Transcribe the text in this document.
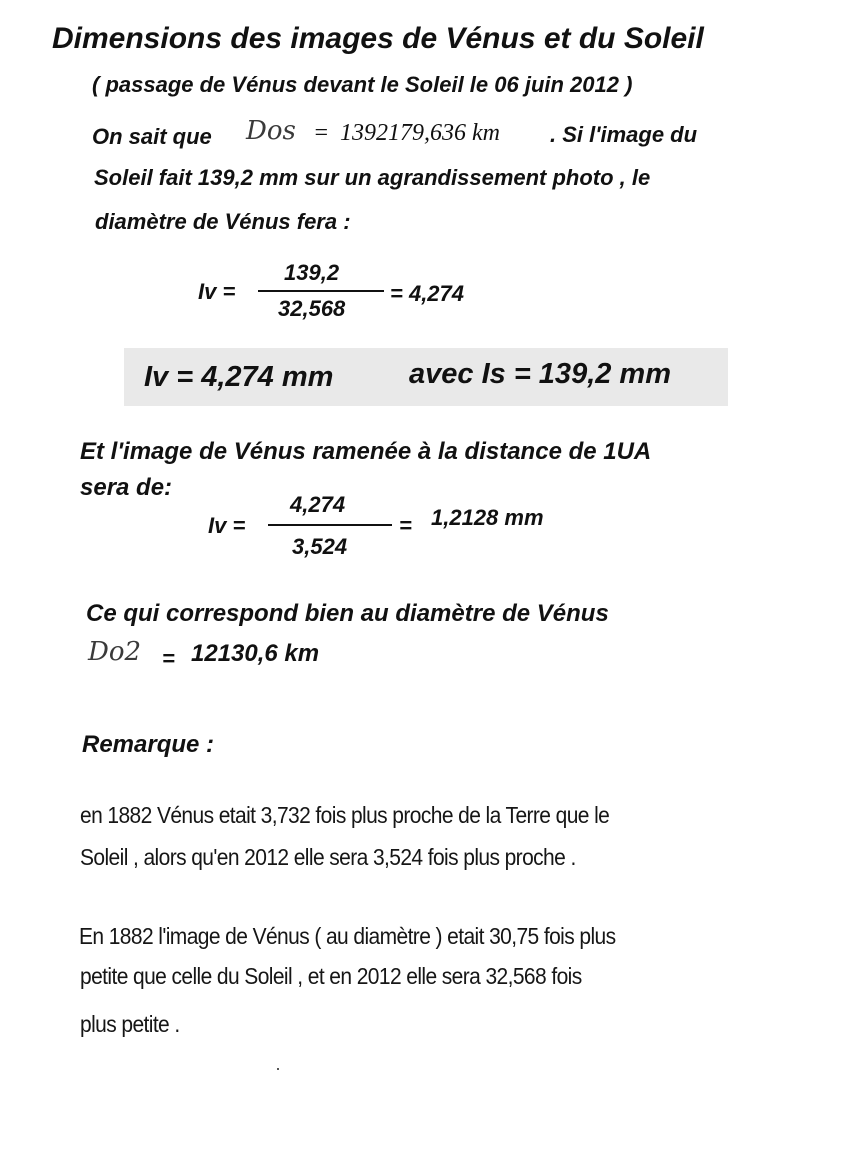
Dimensions des images de Vénus et du Soleil
( passage de Vénus devant le Soleil le 06 juin 2012 )
On sait que Dos = 1392179,636 km . Si l'image du
Soleil fait 139,2 mm sur un agrandissement photo , le
diamètre de Vénus fera :
Iv =
139,2
32,568
= 4,274
Iv = 4,274 mm	avec Is = 139,2 mm
Et l'image de Vénus ramenée à la distance de 1UA
sera de:
Iv =
4,274
3,524
= 1,2128 mm
Ce qui correspond bien au diamètre de Vénus
Do2 = 12130,6 km
Remarque :
en 1882 Vénus etait 3,732 fois plus proche de la Terre que le
Soleil , alors qu'en 2012 elle sera 3,524 fois plus proche .
En 1882 l'image de Vénus ( au diamètre ) etait 30,75 fois plus
petite que celle du Soleil , et en 2012 elle sera 32,568 fois
plus petite .
